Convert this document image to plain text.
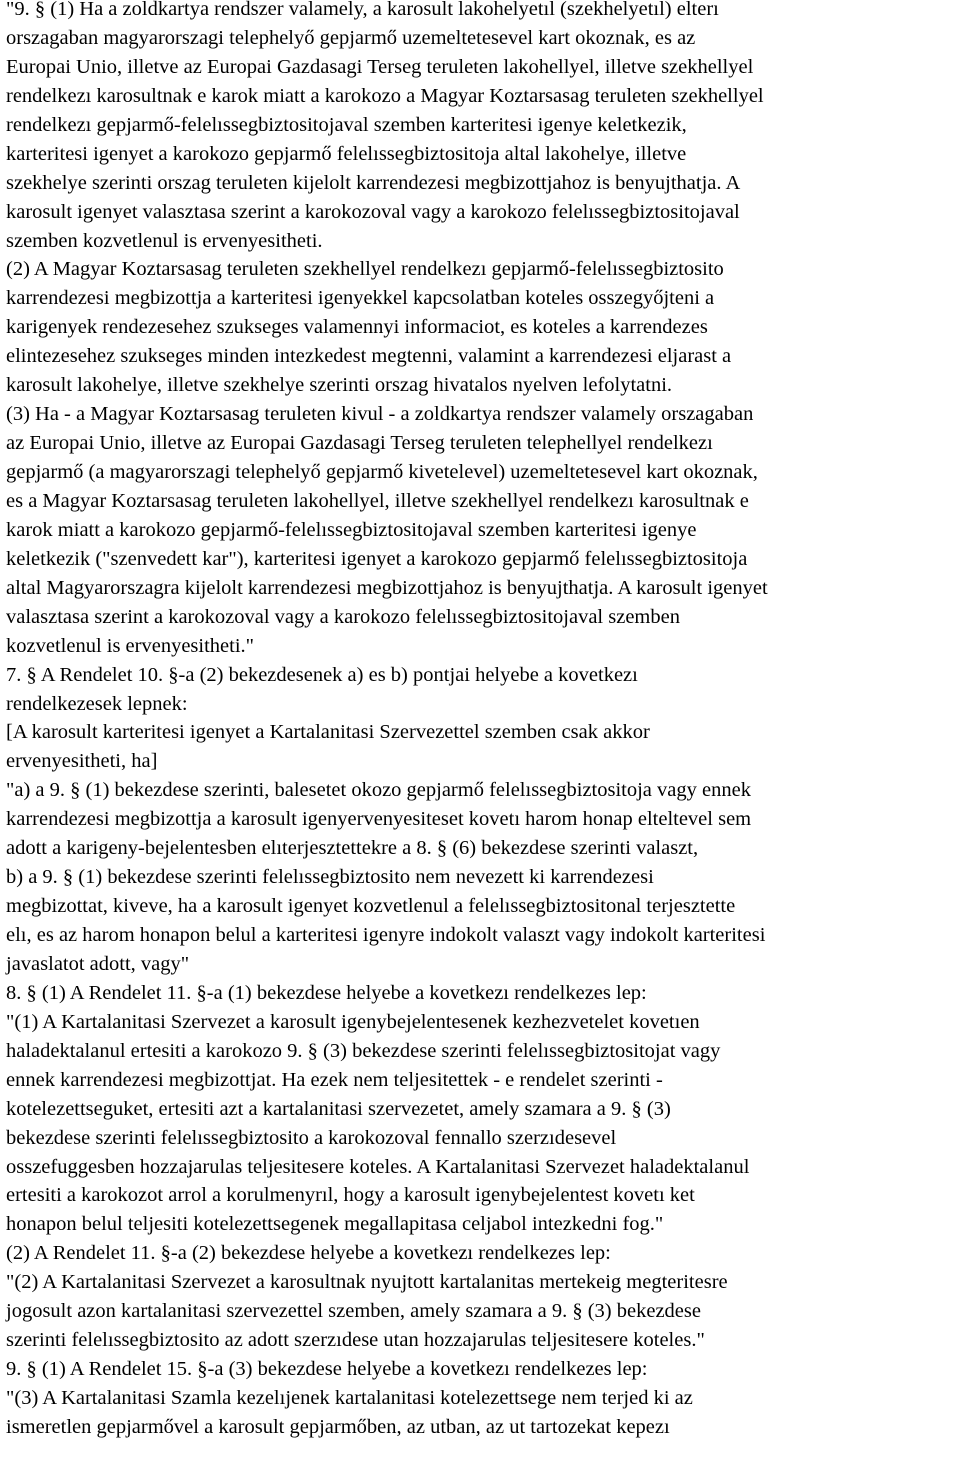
"9. § (1) Ha a zoldkartya rendszer valamely, a karosult lakohelyetıl (szekhelyetıl) elterı
orszagaban magyarorszagi telephelyő gepjarmő uzemeltetesevel kart okoznak, es az
Europai Unio, illetve az Europai Gazdasagi Terseg teruleten lakohellyel, illetve szekhellyel
rendelkezı karosultnak e karok miatt a karokozo a Magyar Koztarsasag teruleten szekhellyel
rendelkezı gepjarmő-felelıssegbiztositojaval szemben karteritesi igenye keletkezik,
karteritesi igenyet a karokozo gepjarmő felelıssegbiztositoja altal lakohelye, illetve
szekhelye szerinti orszag teruleten kijelolt karrendezesi megbizottjahoz is benyujthatja. A
karosult igenyet valasztasa szerint a karokozoval vagy a karokozo felelıssegbiztositojaval
szemben kozvetlenul is ervenyesitheti.
(2) A Magyar Koztarsasag teruleten szekhellyel rendelkezı gepjarmő-felelıssegbiztosito
karrendezesi megbizottja a karteritesi igenyekkel kapcsolatban koteles osszegyőjteni a
karigenyek rendezesehez szukseges valamennyi informaciot, es koteles a karrendezes
elintezesehez szukseges minden intezkedest megtenni, valamint a karrendezesi eljarast a
karosult lakohelye, illetve szekhelye szerinti orszag hivatalos nyelven lefolytatni.
(3) Ha - a Magyar Koztarsasag teruleten kivul - a zoldkartya rendszer valamely orszagaban
az Europai Unio, illetve az Europai Gazdasagi Terseg teruleten telephellyel rendelkezı
gepjarmő (a magyarorszagi telephelyő gepjarmő kivetelevel) uzemeltetesevel kart okoznak,
es a Magyar Koztarsasag teruleten lakohellyel, illetve szekhellyel rendelkezı karosultnak e
karok miatt a karokozo gepjarmő-felelıssegbiztositojaval szemben karteritesi igenye
keletkezik ("szenvedett kar"), karteritesi igenyet a karokozo gepjarmő felelıssegbiztositoja
altal Magyarorszagra kijelolt karrendezesi megbizottjahoz is benyujthatja. A karosult igenyet
valasztasa szerint a karokozoval vagy a karokozo felelıssegbiztositojaval szemben
kozvetlenul is ervenyesitheti."
7. § A Rendelet 10. §-a (2) bekezdesenek a) es b) pontjai helyebe a kovetkezı
rendelkezesek lepnek:
[A karosult karteritesi igenyet a Kartalanitasi Szervezettel szemben csak akkor
ervenyesitheti, ha]
"a) a 9. § (1) bekezdese szerinti, balesetet okozo gepjarmő felelıssegbiztositoja vagy ennek
karrendezesi megbizottja a karosult igenyervenyesiteset kovetı harom honap elteltevel sem
adott a karigeny-bejelentesben elıterjesztettekre a 8. § (6) bekezdese szerinti valaszt,
b) a 9. § (1) bekezdese szerinti felelıssegbiztosito nem nevezett ki karrendezesi
megbizottat, kiveve, ha a karosult igenyet kozvetlenul a felelıssegbiztositonal terjesztette
elı, es az harom honapon belul a karteritesi igenyre indokolt valaszt vagy indokolt karteritesi
javaslatot adott, vagy"
8. § (1) A Rendelet 11. §-a (1) bekezdese helyebe a kovetkezı rendelkezes lep:
"(1) A Kartalanitasi Szervezet a karosult igenybejelentesenek kezhezvetelet kovetıen
haladektalanul ertesiti a karokozo 9. § (3) bekezdese szerinti felelıssegbiztositojat vagy
ennek karrendezesi megbizottjat. Ha ezek nem teljesitettek - e rendelet szerinti -
kotelezettseguket, ertesiti azt a kartalanitasi szervezetet, amely szamara a 9. § (3)
bekezdese szerinti felelıssegbiztosito a karokozoval fennallo szerzıdesevel
osszefuggesben hozzajarulas teljesitesere koteles. A Kartalanitasi Szervezet haladektalanul
ertesiti a karokozot arrol a korulmenyrıl, hogy a karosult igenybejelentest kovetı ket
honapon belul teljesiti kotelezettsegenek megallapitasa celjabol intezkedni fog."
(2) A Rendelet 11. §-a (2) bekezdese helyebe a kovetkezı rendelkezes lep:
"(2) A Kartalanitasi Szervezet a karosultnak nyujtott kartalanitas mertekeig megteritesre
jogosult azon kartalanitasi szervezettel szemben, amely szamara a 9. § (3) bekezdese
szerinti felelıssegbiztosito az adott szerzıdese utan hozzajarulas teljesitesere koteles."
9. § (1) A Rendelet 15. §-a (3) bekezdese helyebe a kovetkezı rendelkezes lep:
"(3) A Kartalanitasi Szamla kezelıjenek kartalanitasi kotelezettsege nem terjed ki az
ismeretlen gepjarmővel a karosult gepjarmőben, az utban, az ut tartozekat kepezı
